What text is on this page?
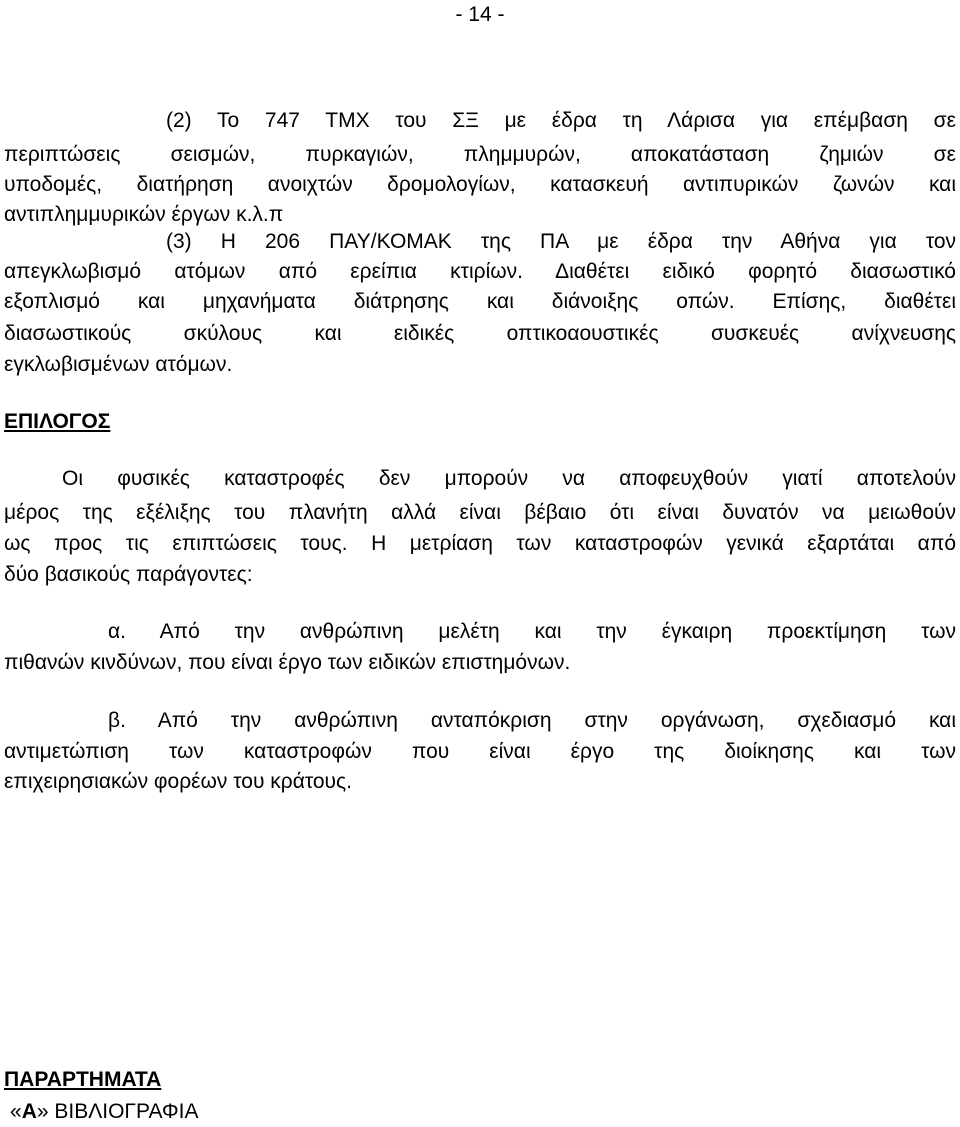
- 14 -
(2) Το 747 ΤΜΧ του ΣΞ με έδρα τη Λάρισα για επέμβαση σε
περιπτώσεις σεισμών, πυρκαγιών, πλημμυρών, αποκατάσταση ζημιών σε
υποδομές, διατήρηση ανοιχτών δρομολογίων, κατασκευή αντιπυρικών ζωνών και
αντιπλημμυρικών έργων κ.λ.π
(3) Η 206 ΠΑΥ/ΚΟΜΑΚ της ΠΑ με έδρα την Αθήνα για τον
απεγκλωβισμό ατόμων από ερείπια κτιρίων. Διαθέτει ειδικό φορητό διασωστικό
εξοπλισμό και μηχανήματα διάτρησης και διάνοιξης οπών. Επίσης, διαθέτει
διασωστικούς σκύλους και ειδικές οπτικοαουστικές συσκευές ανίχνευσης
εγκλωβισμένων ατόμων.
ΕΠΙΛΟΓΟΣ
Οι φυσικές καταστροφές δεν μπορούν να αποφευχθούν γιατί αποτελούν
μέρος της εξέλιξης του πλανήτη αλλά είναι βέβαιο ότι είναι δυνατόν να μειωθούν
ως προς τις επιπτώσεις τους. Η μετρίαση των καταστροφών γενικά εξαρτάται από
δύο βασικούς παράγοντες:
α. Από την ανθρώπινη μελέτη και την έγκαιρη προεκτίμηση των
πιθανών κινδύνων, που είναι έργο των ειδικών επιστημόνων.
β. Από την ανθρώπινη ανταπόκριση στην οργάνωση, σχεδιασμό και
αντιμετώπιση των καταστροφών που είναι έργο της διοίκησης και των
επιχειρησιακών φορέων του κράτους.
ΠΑΡΑΡΤΗΜΑΤΑ
«Α» ΒΙΒΛΙΟΓΡΑΦΙΑ
